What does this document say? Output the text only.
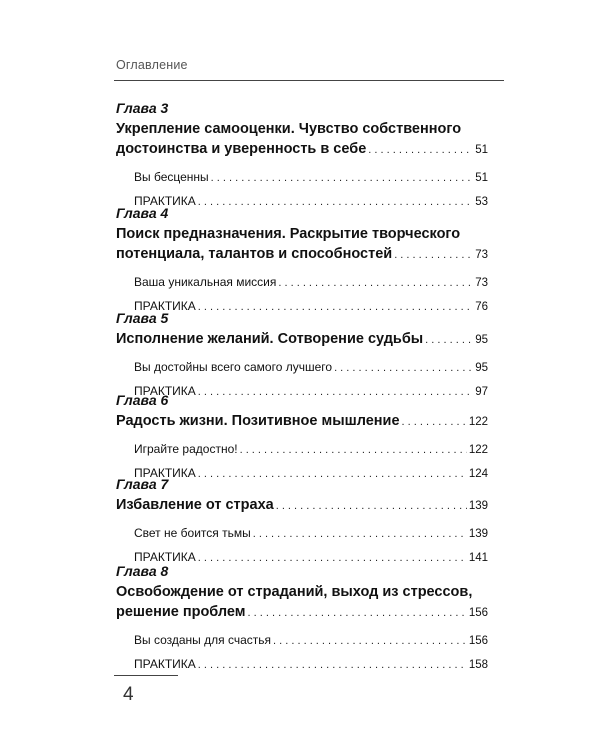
Оглавление
Глава 3
Укрепление самооценки. Чувство собственного
достоинства и уверенность в себе . . .	51
Вы бесценны . . .	51
ПРАКТИКА . . .	53
Глава 4
Поиск предназначения. Раскрытие творческого
потенциала, талантов и способностей . . .	73
Ваша уникальная миссия . . .	73
ПРАКТИКА . . .	76
Глава 5
Исполнение желаний. Сотворение судьбы . . .	95
Вы достойны всего самого лучшего . . .	95
ПРАКТИКА . . .	97
Глава 6
Радость жизни. Позитивное мышление . . .	122
Играйте радостно! . . .	122
ПРАКТИКА . . .	124
Глава 7
Избавление от страха . . .	139
Свет не боится тьмы . . .	139
ПРАКТИКА . . .	141
Глава 8
Освобождение от страданий, выход из стрессов,
решение проблем . . .	156
Вы созданы для счастья . . .	156
ПРАКТИКА . . .	158
4
